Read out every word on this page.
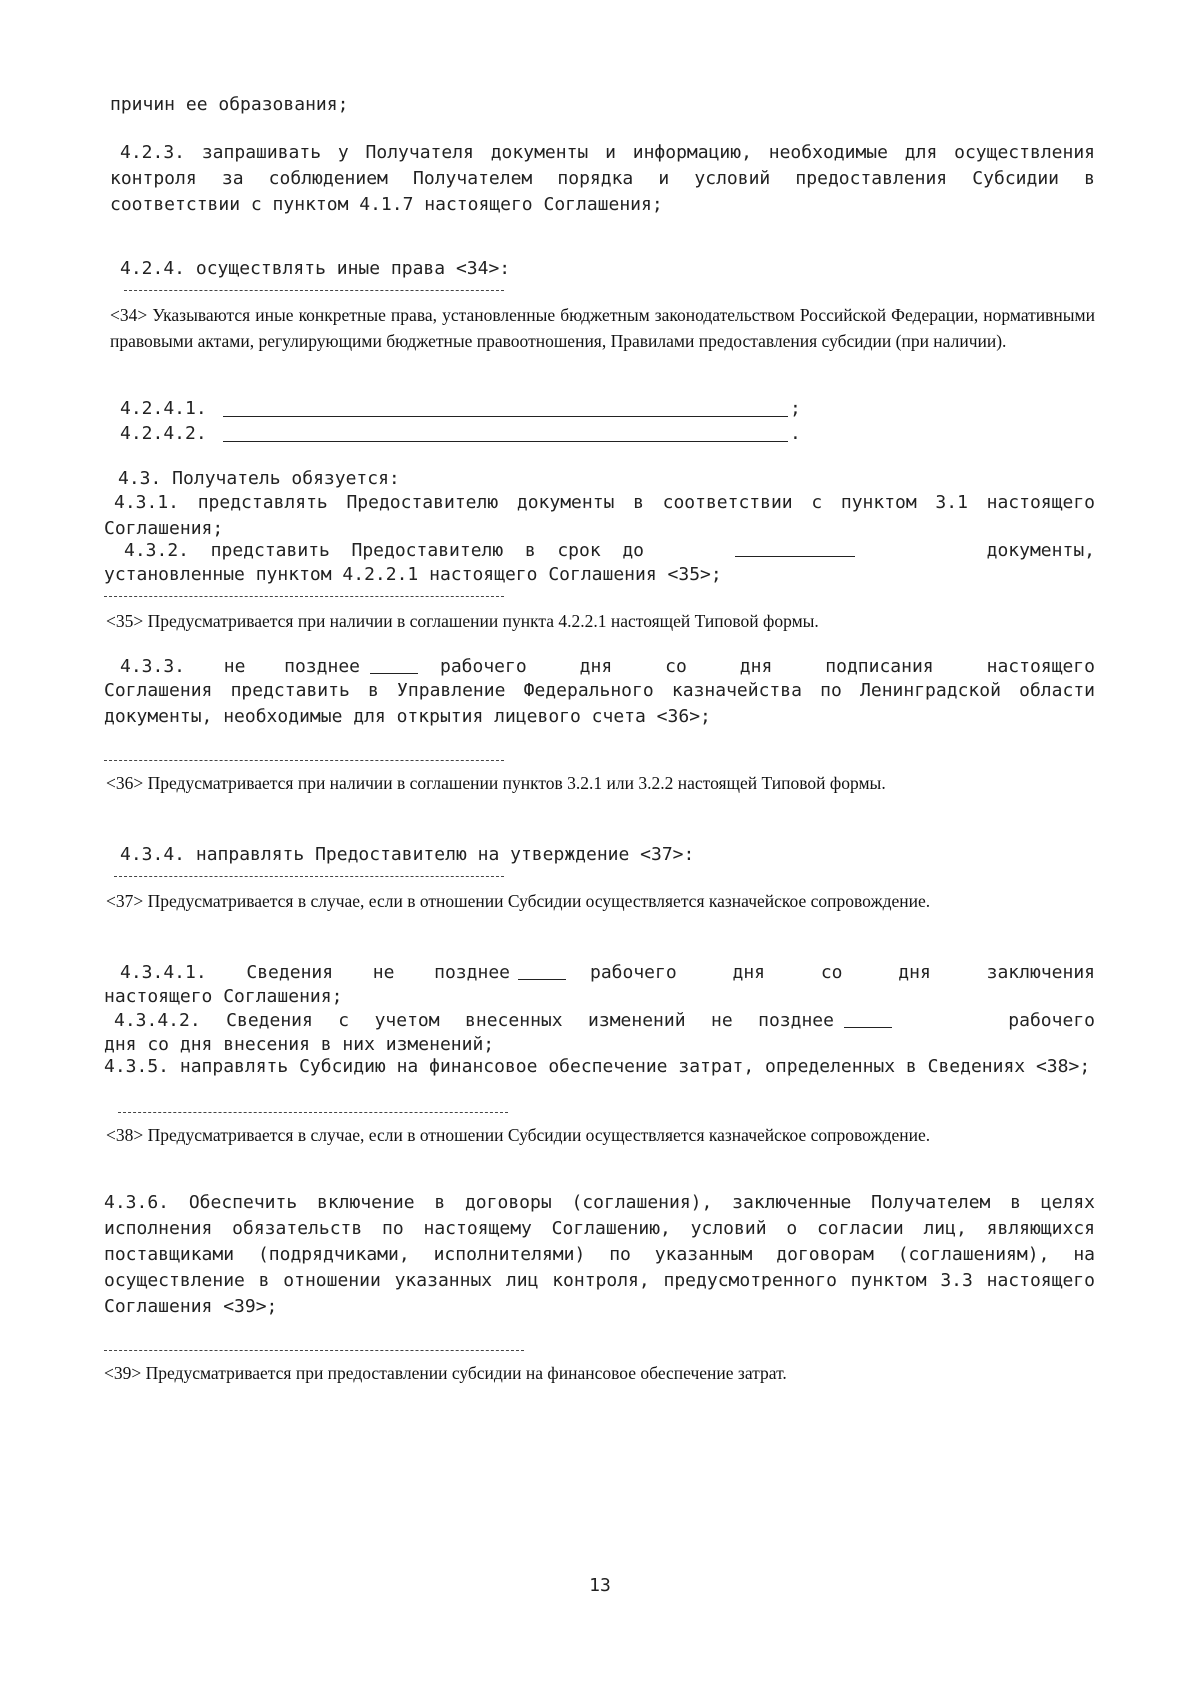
причин ее образования;

4.2.3. запрашивать у Получателя документы и информацию, необходимые для осуществления контроля за соблюдением Получателем порядка и условий предоставления Субсидии в соответствии с пунктом 4.1.7 настоящего Соглашения;

4.2.4. осуществлять иные права <34>:

<34> Указываются иные конкретные права, установленные бюджетным законодательством Российской Федерации, нормативными правовыми актами, регулирующими бюджетные правоотношения, Правилами предоставления субсидии (при наличии).

4.2.4.1.	;

4.2.4.2.	.

4.3. Получатель обязуется:

4.3.1. представлять Предоставителю документы в соответствии с пунктом 3.1 настоящего Соглашения;

4.3.2. представить Предоставителю в срок до	документы,

установленные пунктом 4.2.2.1 настоящего Соглашения <35>;

<35> Предусматривается при наличии в соглашении пункта 4.2.2.1 настоящей Типовой формы.

4.3.3. не позднее	рабочего дня со дня подписания настоящего

Соглашения представить в Управление Федерального казначейства по Ленинградской области документы, необходимые для открытия лицевого счета <36>;

<36> Предусматривается при наличии в соглашении пунктов 3.2.1 или 3.2.2 настоящей Типовой формы.

4.3.4. направлять Предоставителю на утверждение <37>:

<37> Предусматривается в случае, если в отношении Субсидии осуществляется казначейское сопровождение.

4.3.4.1. Сведения не позднее	рабочего дня со дня заключения

настоящего Соглашения;

4.3.4.2. Сведения с учетом внесенных изменений не позднее	рабочего

дня со дня внесения в них изменений;

4.3.5. направлять Субсидию на финансовое обеспечение затрат, определенных в Сведениях <38>;

<38> Предусматривается в случае, если в отношении Субсидии осуществляется казначейское сопровождение.

4.3.6. Обеспечить включение в договоры (соглашения), заключенные Получателем в целях исполнения обязательств по настоящему Соглашению, условий о согласии лиц, являющихся поставщиками (подрядчиками, исполнителями) по указанным договорам (соглашениям), на осуществление в отношении указанных лиц контроля, предусмотренного пунктом 3.3 настоящего Соглашения <39>;

<39> Предусматривается при предоставлении субсидии на финансовое обеспечение затрат.

13
